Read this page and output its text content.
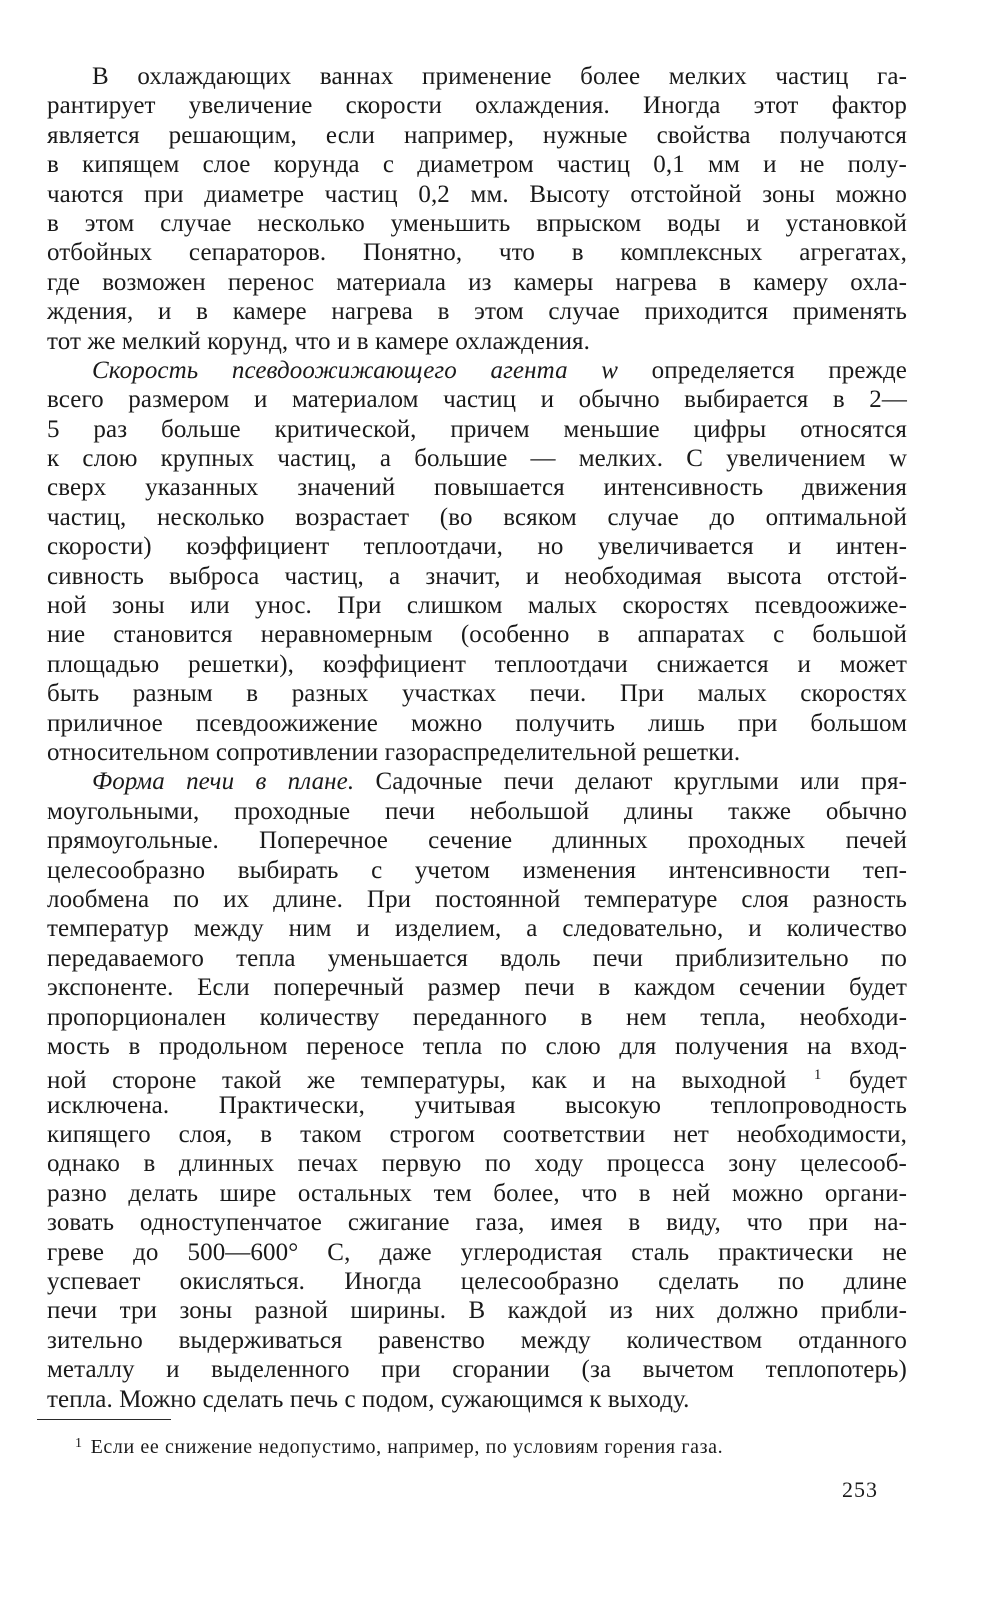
В охлаждающих ваннах применение более мелких частиц га-
рантирует увеличение скорости охлаждения. Иногда этот фактор
является решающим, если например, нужные свойства получаются
в кипящем слое корунда с диаметром частиц 0,1 мм и не полу-
чаются при диаметре частиц 0,2 мм. Высоту отстойной зоны можно
в этом случае несколько уменьшить впрыском воды и установкой
отбойных сепараторов. Понятно, что в комплексных агрегатах,
где возможен перенос материала из камеры нагрева в камеру охла-
ждения, и в камере нагрева в этом случае приходится применять
тот же мелкий корунд, что и в камере охлаждения.
Скорость псевдоожижающего агента w определяется прежде
всего размером и материалом частиц и обычно выбирается в 2—
5 раз больше критической, причем меньшие цифры относятся
к слою крупных частиц, а большие — мелких. С увеличением w
сверх указанных значений повышается интенсивность движения
частиц, несколько возрастает (во всяком случае до оптимальной
скорости) коэффициент теплоотдачи, но увеличивается и интен-
сивность выброса частиц, а значит, и необходимая высота отстой-
ной зоны или унос. При слишком малых скоростях псевдоожиже-
ние становится неравномерным (особенно в аппаратах с большой
площадью решетки), коэффициент теплоотдачи снижается и может
быть разным в разных участках печи. При малых скоростях
приличное псевдоожижение можно получить лишь при большом
относительном сопротивлении газораспределительной решетки.
Форма печи в плане. Садочные печи делают круглыми или пря-
моугольными, проходные печи небольшой длины также обычно
прямоугольные. Поперечное сечение длинных проходных печей
целесообразно выбирать с учетом изменения интенсивности теп-
лообмена по их длине. При постоянной температуре слоя разность
температур между ним и изделием, а следовательно, и количество
передаваемого тепла уменьшается вдоль печи приблизительно по
экспоненте. Если поперечный размер печи в каждом сечении будет
пропорционален количеству переданного в нем тепла, необходи-
мость в продольном переносе тепла по слою для получения на вход-
ной стороне такой же температуры, как и на выходной $^1$ будет
исключена. Практически, учитывая высокую теплопроводность
кипящего слоя, в таком строгом соответствии нет необходимости,
однако в длинных печах первую по ходу процесса зону целесооб-
разно делать шире остальных тем более, что в ней можно органи-
зовать одноступенчатое сжигание газа, имея в виду, что при на-
греве до 500—600° С, даже углеродистая сталь практически не
успевает окисляться. Иногда целесообразно сделать по длине
печи три зоны разной ширины. В каждой из них должно прибли-
зительно выдерживаться равенство между количеством отданного
металлу и выделенного при сгорании (за вычетом теплопотерь)
тепла. Можно сделать печь с подом, сужающимся к выходу.
$^1$ Если ее снижение недопустимо, например, по условиям горения газа.
253
